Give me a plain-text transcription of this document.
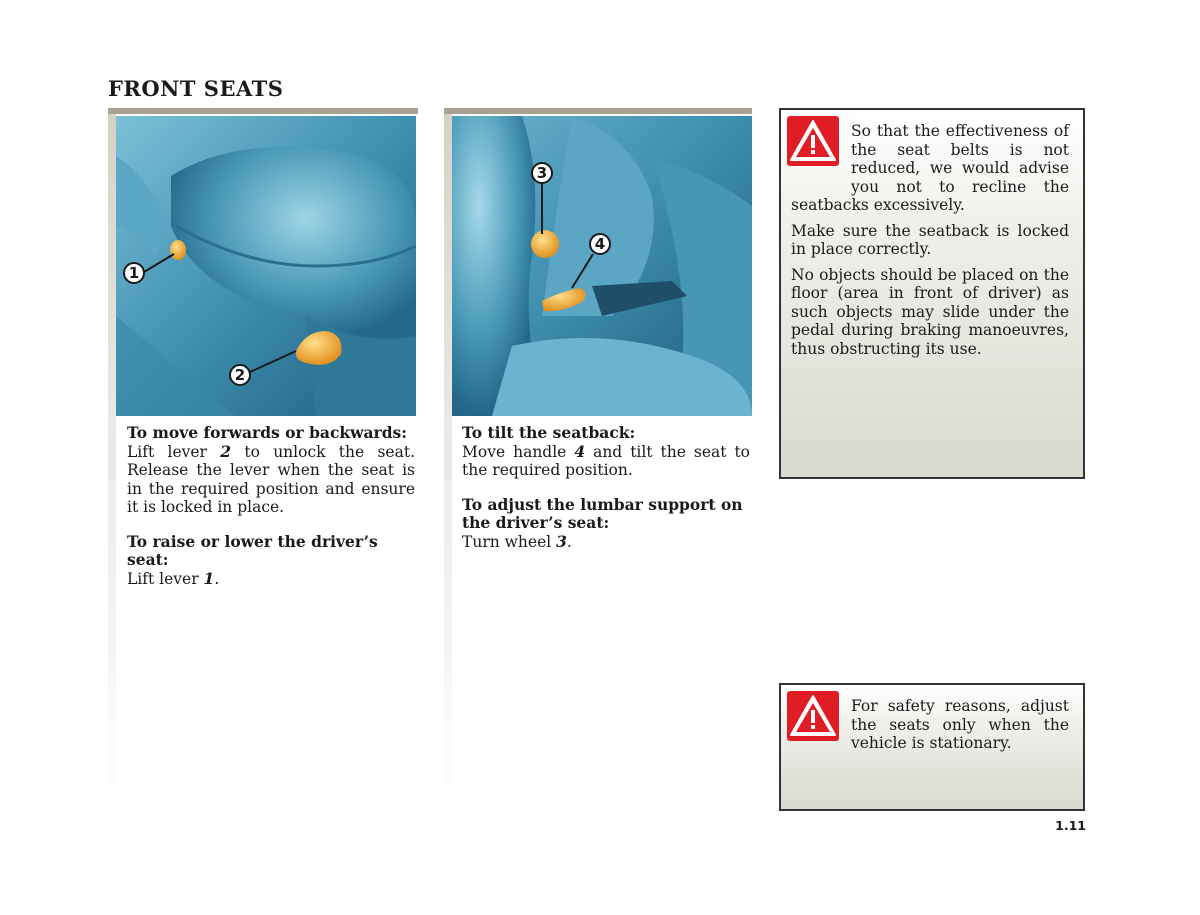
FRONT SEATS
1
2

To move forwards or backwards:

Lift lever 2 to unlock the seat. Release the lever when the seat is in the required position and ensure it is locked in place.

To raise or lower the driver’s seat:

Lift lever 1.

3
4

To tilt the seatback:

Move handle 4 and tilt the seat to the required position.

To adjust the lumbar support on the driver’s seat:

Turn wheel 3.

So that the effectiveness of the seat belts is not reduced, we would advise you not to recline the seatbacks excessively.

Make sure the seatback is locked in place correctly.

No objects should be placed on the floor (area in front of driver) as such objects may slide under the pedal during braking manoeuvres, thus obstructing its use.

For safety reasons, adjust the seats only when the vehicle is stationary.

1.11
